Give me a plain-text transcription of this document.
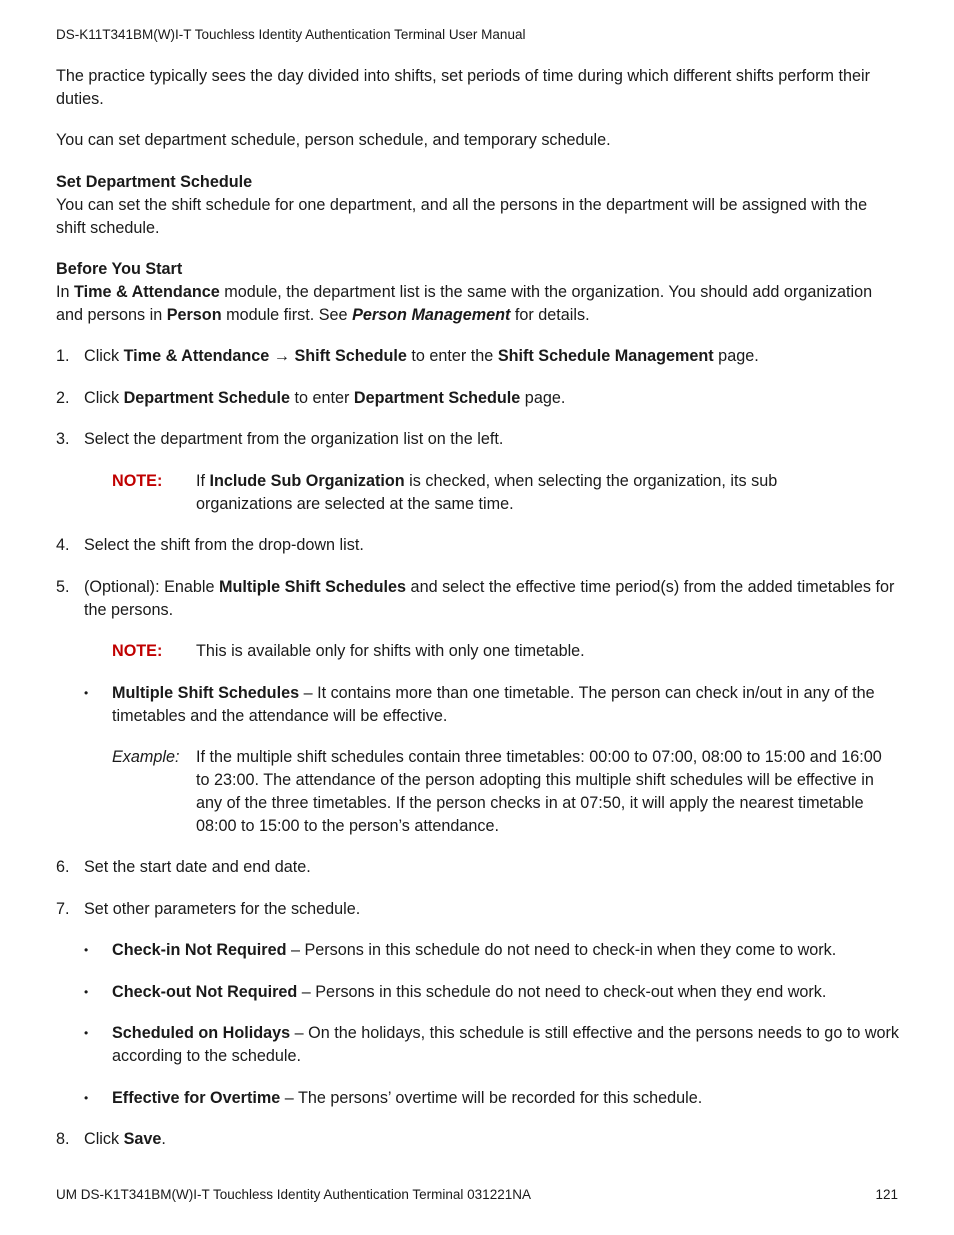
DS-K11T341BM(W)I-T Touchless Identity Authentication Terminal User Manual

The practice typically sees the day divided into shifts, set periods of time during which different shifts perform their duties.

You can set department schedule, person schedule, and temporary schedule.

Set Department Schedule

You can set the shift schedule for one department, and all the persons in the department will be assigned with the shift schedule.

Before You Start

In Time & Attendance module, the department list is the same with the organization. You should add organization and persons in Person module first. See Person Management for details.

1. Click Time & Attendance → Shift Schedule to enter the Shift Schedule Management page.
2. Click Department Schedule to enter Department Schedule page.
3. Select the department from the organization list on the left.
NOTE: If Include Sub Organization is checked, when selecting the organization, its sub organizations are selected at the same time.
4. Select the shift from the drop-down list.
5. (Optional): Enable Multiple Shift Schedules and select the effective time period(s) from the added timetables for the persons.
NOTE: This is available only for shifts with only one timetable.
• Multiple Shift Schedules – It contains more than one timetable. The person can check in/out in any of the timetables and the attendance will be effective.
Example: If the multiple shift schedules contain three timetables: 00:00 to 07:00, 08:00 to 15:00 and 16:00 to 23:00. The attendance of the person adopting this multiple shift schedules will be effective in any of the three timetables. If the person checks in at 07:50, it will apply the nearest timetable 08:00 to 15:00 to the person’s attendance.
6. Set the start date and end date.
7. Set other parameters for the schedule.
• Check-in Not Required – Persons in this schedule do not need to check-in when they come to work.
• Check-out Not Required – Persons in this schedule do not need to check-out when they end work.
• Scheduled on Holidays – On the holidays, this schedule is still effective and the persons needs to go to work according to the schedule.
• Effective for Overtime – The persons’ overtime will be recorded for this schedule.
8. Click Save.
UM DS-K1T341BM(W)I-T Touchless Identity Authentication Terminal 031221NA	121
